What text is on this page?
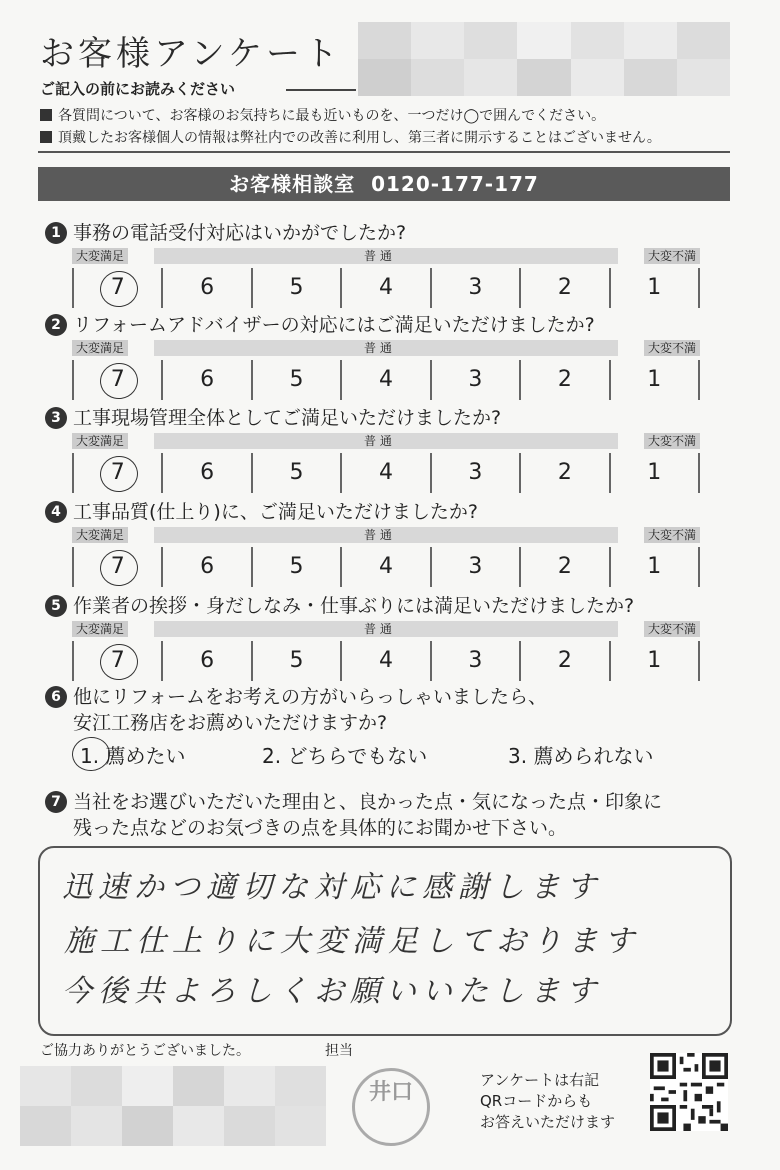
お客様アンケート
ご記入の前にお読みください
各質問について、お客様のお気持ちに最も近いものを、一つだけ◯で囲んでください。
頂戴したお客様個人の情報は弊社内での改善に利用し、第三者に開示することはございません。
お客様相談室 0120-177-177
1 事務の電話受付対応はいかがでしたか?
大変満足	普 通	大変不満
7	6	5	4	3	2	1
2 リフォームアドバイザーの対応にはご満足いただけましたか?
大変満足	普 通	大変不満
7	6	5	4	3	2	1
3 工事現場管理全体としてご満足いただけましたか?
大変満足	普 通	大変不満
7	6	5	4	3	2	1
4 工事品質(仕上り)に、ご満足いただけましたか?
大変満足	普 通	大変不満
7	6	5	4	3	2	1
5 作業者の挨拶・身だしなみ・仕事ぶりには満足いただけましたか?
大変満足	普 通	大変不満
7	6	5	4	3	2	1
6 他にリフォームをお考えの方がいらっしゃいましたら、
安江工務店をお薦めいただけますか?
1. 薦めたい	2. どちらでもない	3. 薦められない
7 当社をお選びいただいた理由と、良かった点・気になった点・印象に
残った点などのお気づきの点を具体的にお聞かせ下さい。
迅速かつ適切な対応に感謝します
施工仕上りに大変満足しております
今後共よろしくお願いいたします
ご協力ありがとうございました。	担当
井口	アンケートは右記
QRコードからも
お答えいただけます
